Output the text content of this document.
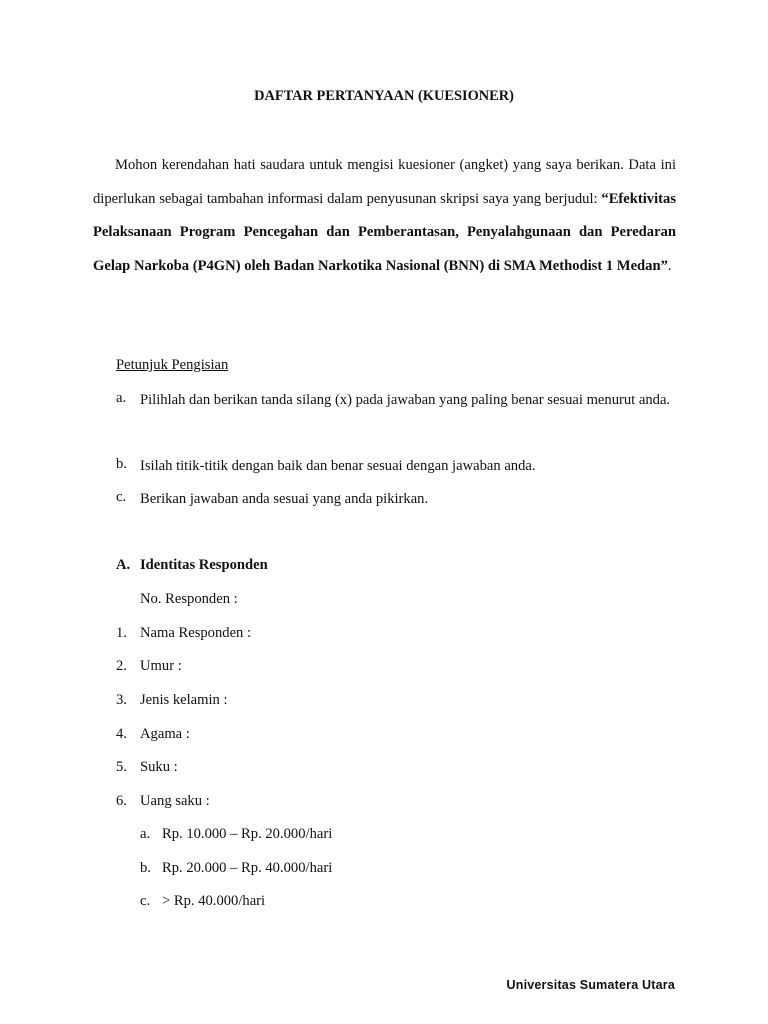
DAFTAR PERTANYAAN (KUESIONER)

Mohon kerendahan hati saudara untuk mengisi kuesioner (angket) yang saya berikan. Data ini diperlukan sebagai tambahan informasi dalam penyusunan skripsi saya yang berjudul: “Efektivitas Pelaksanaan Program Pencegahan dan Pemberantasan, Penyalahgunaan dan Peredaran Gelap Narkoba (P4GN) oleh Badan Narkotika Nasional (BNN) di SMA Methodist 1 Medan”.

Petunjuk Pengisian
a. Pilihlah dan berikan tanda silang (x) pada jawaban yang paling benar sesuai menurut anda.
b. Isilah titik-titik dengan baik dan benar sesuai dengan jawaban anda.
c. Berikan jawaban anda sesuai yang anda pikirkan.
A. Identitas Responden
No. Responden :
1. Nama Responden :
2. Umur :
3. Jenis kelamin :
4. Agama :
5. Suku :
6. Uang saku :
a. Rp. 10.000 – Rp. 20.000/hari
b. Rp. 20.000 – Rp. 40.000/hari
c. > Rp. 40.000/hari
Universitas Sumatera Utara
